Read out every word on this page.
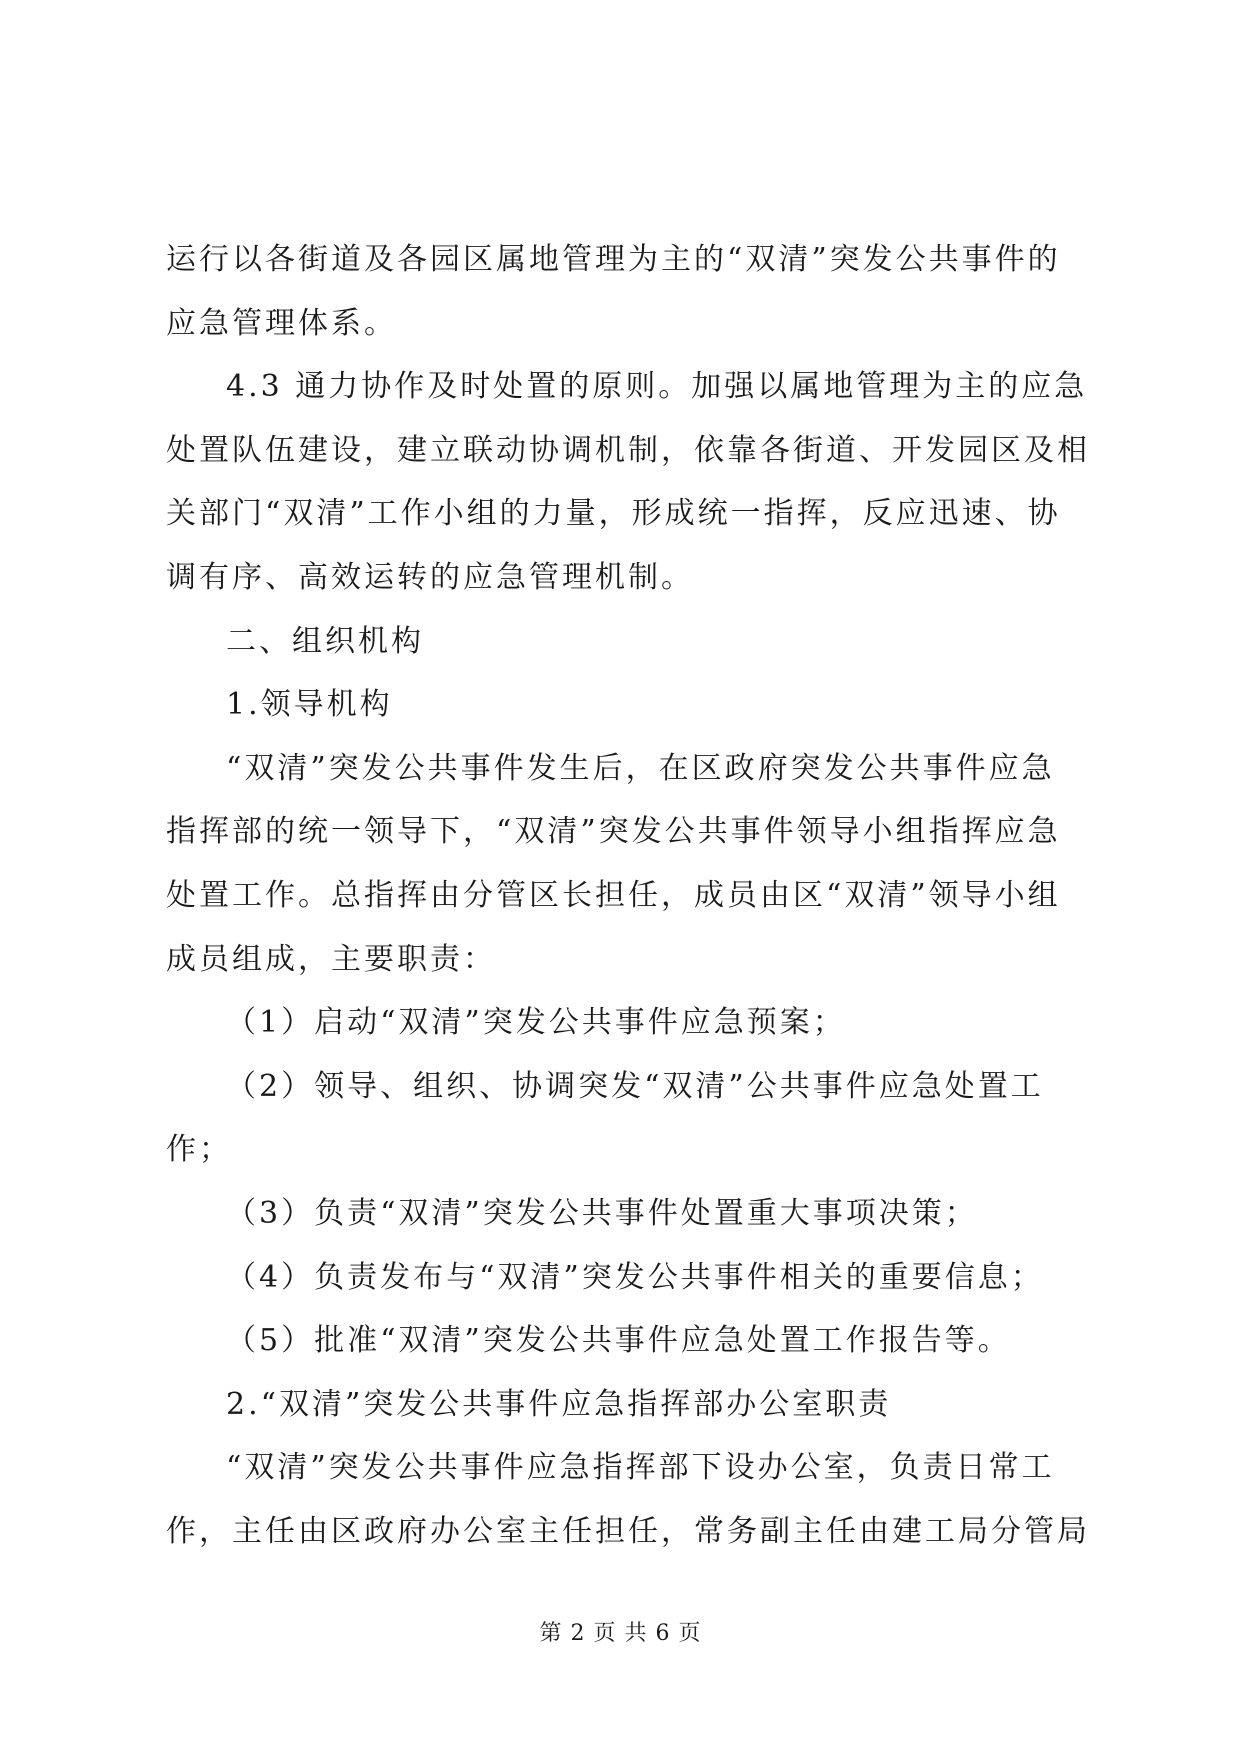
运行以各街道及各园区属地管理为主的“双清”突发公共事件的
应急管理体系。
4.3 通力协作及时处置的原则。加强以属地管理为主的应急
处置队伍建设，建立联动协调机制，依靠各街道、开发园区及相
关部门“双清”工作小组的力量，形成统一指挥，反应迅速、协
调有序、高效运转的应急管理机制。
二、组织机构
1.领导机构
“双清”突发公共事件发生后，在区政府突发公共事件应急
指挥部的统一领导下，“双清”突发公共事件领导小组指挥应急
处置工作。总指挥由分管区长担任，成员由区“双清”领导小组
成员组成，主要职责：
（1）启动“双清”突发公共事件应急预案；
（2）领导、组织、协调突发“双清”公共事件应急处置工
作；
（3）负责“双清”突发公共事件处置重大事项决策；
（4）负责发布与“双清”突发公共事件相关的重要信息；
（5）批准“双清”突发公共事件应急处置工作报告等。
2.“双清”突发公共事件应急指挥部办公室职责
“双清”突发公共事件应急指挥部下设办公室，负责日常工
作，主任由区政府办公室主任担任，常务副主任由建工局分管局
第 2 页 共 6 页
